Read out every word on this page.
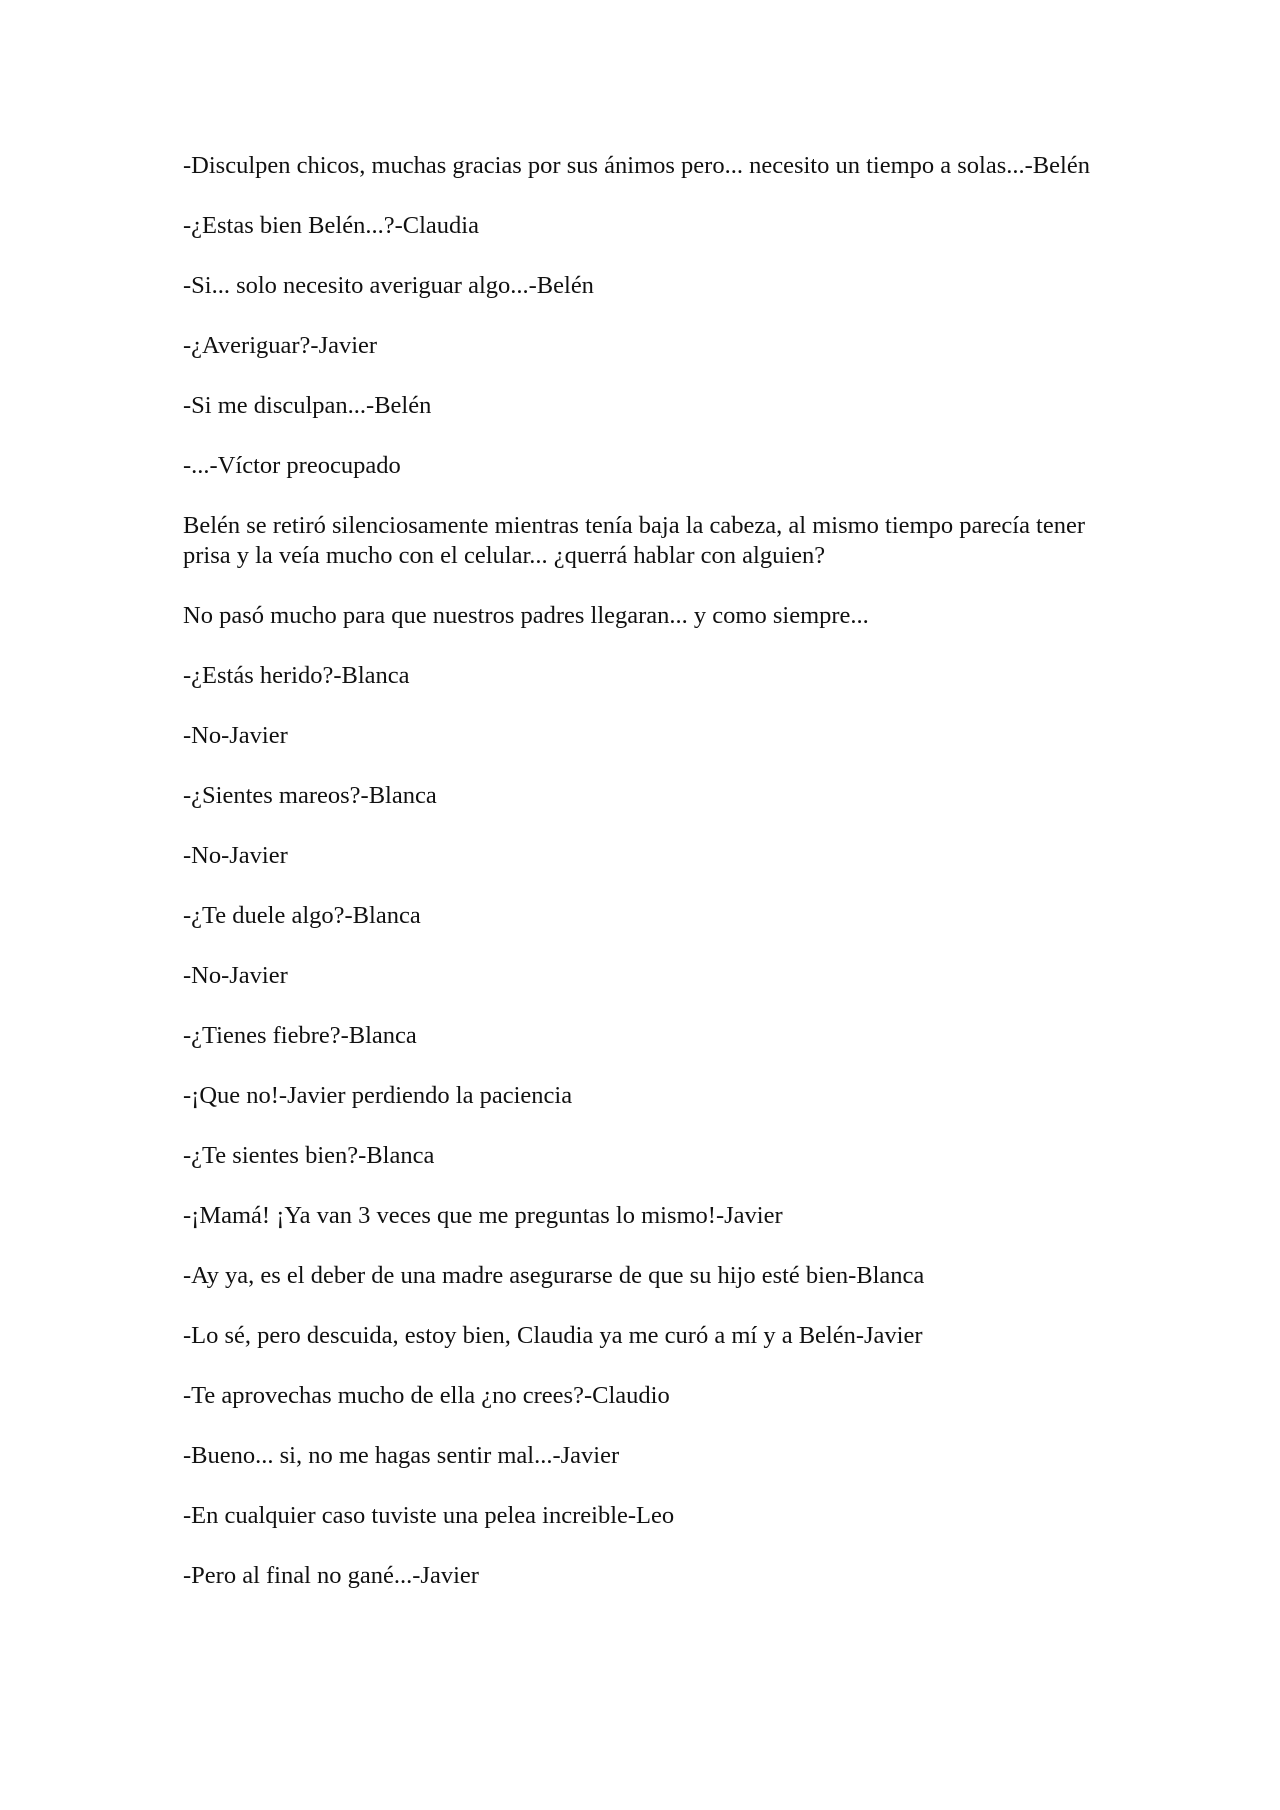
-Disculpen chicos, muchas gracias por sus ánimos pero... necesito un tiempo a solas...-Belén

-¿Estas bien Belén...?-Claudia

-Si... solo necesito averiguar algo...-Belén

-¿Averiguar?-Javier

-Si me disculpan...-Belén

-...-Víctor preocupado

Belén se retiró silenciosamente mientras tenía baja la cabeza, al mismo tiempo parecía tener prisa y la veía mucho con el celular... ¿querrá hablar con alguien?

No pasó mucho para que nuestros padres llegaran... y como siempre...

-¿Estás herido?-Blanca

-No-Javier

-¿Sientes mareos?-Blanca

-No-Javier

-¿Te duele algo?-Blanca

-No-Javier

-¿Tienes fiebre?-Blanca

-¡Que no!-Javier perdiendo la paciencia

-¿Te sientes bien?-Blanca

-¡Mamá! ¡Ya van 3 veces que me preguntas lo mismo!-Javier

-Ay ya, es el deber de una madre asegurarse de que su hijo esté bien-Blanca

-Lo sé, pero descuida, estoy bien, Claudia ya me curó a mí y a Belén-Javier

-Te aprovechas mucho de ella ¿no crees?-Claudio

-Bueno... si, no me hagas sentir mal...-Javier

-En cualquier caso tuviste una pelea increible-Leo

-Pero al final no gané...-Javier
